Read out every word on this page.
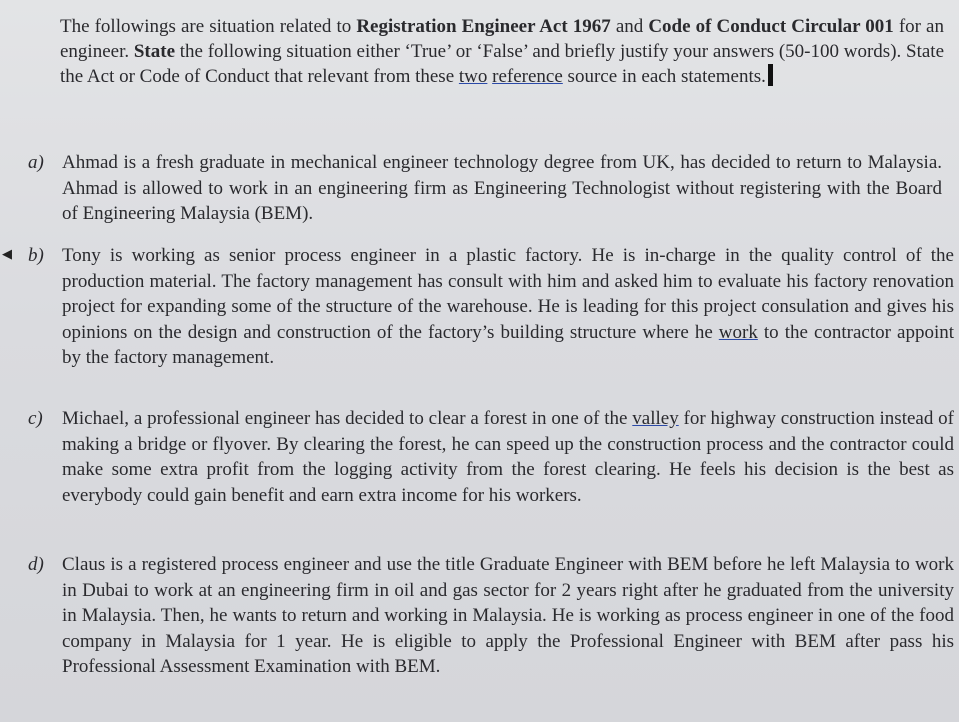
The followings are situation related to Registration Engineer Act 1967 and Code of Conduct Circular 001 for an engineer. State the following situation either ‘True’ or ‘False’ and briefly justify your answers (50-100 words). State the Act or Code of Conduct that relevant from these two reference source in each statements.
a) Ahmad is a fresh graduate in mechanical engineer technology degree from UK, has decided to return to Malaysia. Ahmad is allowed to work in an engineering firm as Engineering Technologist without registering with the Board of Engineering Malaysia (BEM).
◀ b) Tony is working as senior process engineer in a plastic factory. He is in-charge in the quality control of the production material. The factory management has consult with him and asked him to evaluate his factory renovation project for expanding some of the structure of the warehouse. He is leading for this project consulation and gives his opinions on the design and construction of the factory’s building structure where he work to the contractor appoint by the factory management.
c)	Michael, a professional engineer has decided to clear a forest in one of the valley for highway construction instead of making a bridge or flyover. By clearing the forest, he can speed up the construction process and the contractor could make some extra profit from the logging activity from the forest clearing. He feels his decision is the best as everybody could gain benefit and earn extra income for his workers.
d) Claus is a registered process engineer and use the title Graduate Engineer with BEM before he left Malaysia to work in Dubai to work at an engineering firm in oil and gas sector for 2 years right after he graduated from the university in Malaysia. Then, he wants to return and working in Malaysia. He is working as process engineer in one of the food company in Malaysia for 1 year. He is eligible to apply the Professional Engineer with BEM after pass his Professional Assessment Examination with BEM.
